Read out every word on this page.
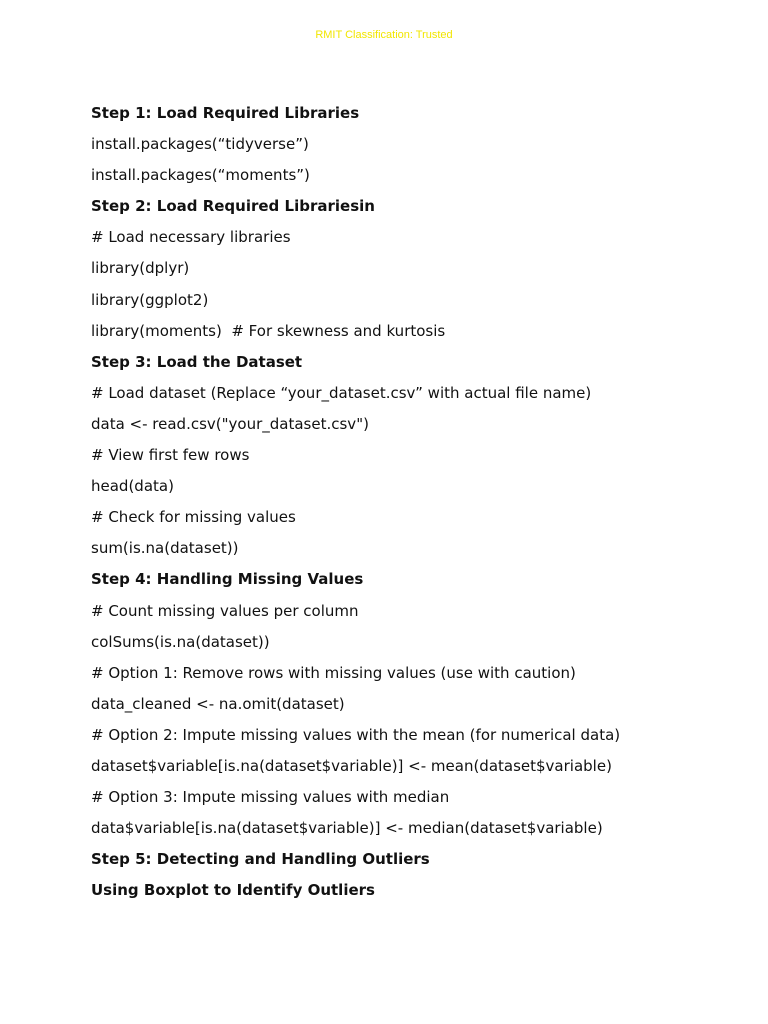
RMIT Classification: Trusted
Step 1: Load Required Libraries
install.packages(“tidyverse”)
install.packages(“moments”)
Step 2: Load Required Librariesin
# Load necessary libraries
library(dplyr)
library(ggplot2)
library(moments)  # For skewness and kurtosis
Step 3: Load the Dataset
# Load dataset (Replace “your_dataset.csv” with actual file name)
data <- read.csv("your_dataset.csv")
# View first few rows
head(data)
# Check for missing values
sum(is.na(dataset))
Step 4: Handling Missing Values
# Count missing values per column
colSums(is.na(dataset))
# Option 1: Remove rows with missing values (use with caution)
data_cleaned <- na.omit(dataset)
# Option 2: Impute missing values with the mean (for numerical data)
dataset$variable[is.na(dataset$variable)] <- mean(dataset$variable)
# Option 3: Impute missing values with median
data$variable[is.na(dataset$variable)] <- median(dataset$variable)
Step 5: Detecting and Handling Outliers
Using Boxplot to Identify Outliers
